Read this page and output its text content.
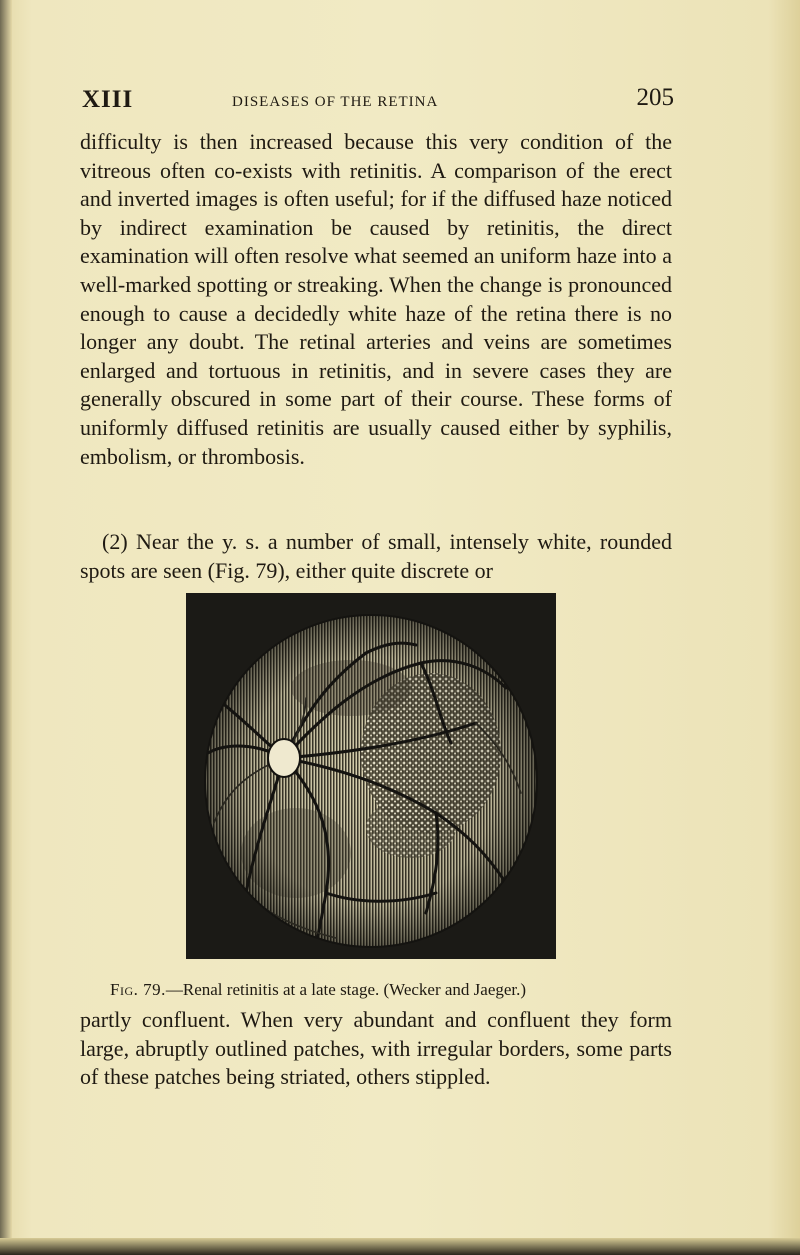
XIII	DISEASES OF THE RETINA	205

difficulty is then increased because this very condition of the vitreous often co-exists with retinitis. A comparison of the erect and inverted images is often useful; for if the diffused haze noticed by indirect examination be caused by retinitis, the direct examination will often resolve what seemed an uniform haze into a well-marked spotting or streaking. When the change is pronounced enough to cause a decidedly white haze of the retina there is no longer any doubt. The retinal arteries and veins are sometimes enlarged and tortuous in retinitis, and in severe cases they are generally obscured in some part of their course. These forms of uniformly diffused retinitis are usually caused either by syphilis, embolism, or thrombosis.

(2) Near the y. s. a number of small, intensely white, rounded spots are seen (Fig. 79), either quite discrete or

Fig. 79.—Renal retinitis at a late stage. (Wecker and Jaeger.)

partly confluent. When very abundant and confluent they form large, abruptly outlined patches, with irregular borders, some parts of these patches being striated, others stippled.
